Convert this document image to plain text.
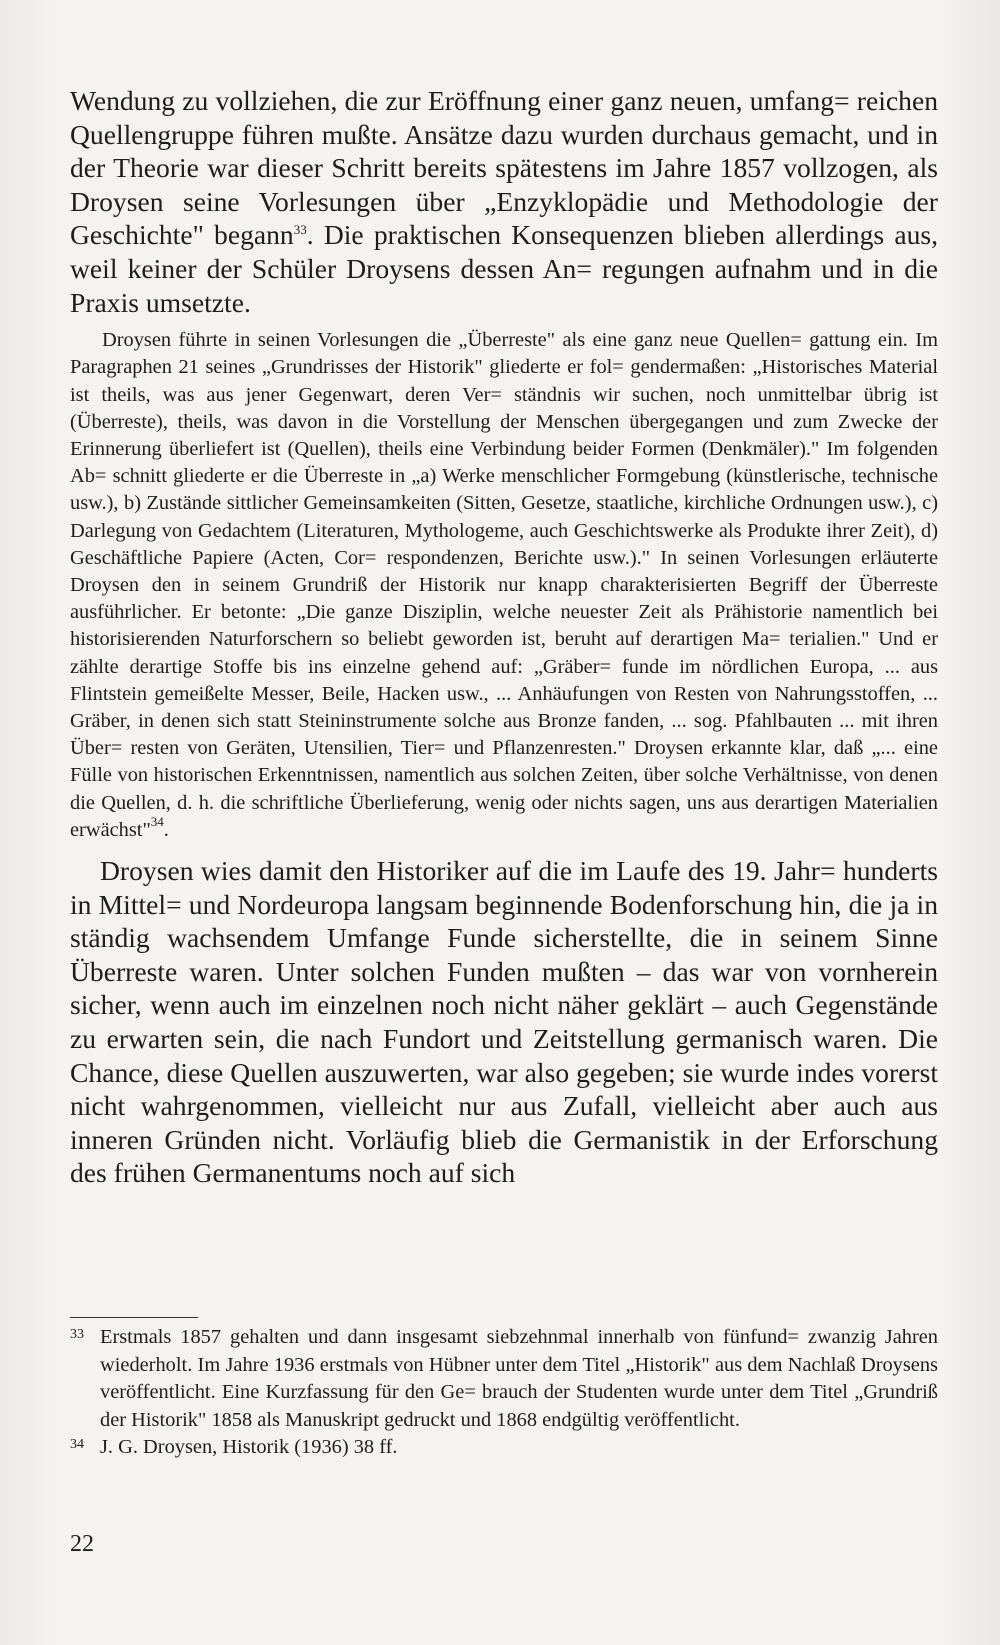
Wendung zu vollziehen, die zur Eröffnung einer ganz neuen, umfang= reichen Quellengruppe führen mußte. Ansätze dazu wurden durchaus gemacht, und in der Theorie war dieser Schritt bereits spätestens im Jahre 1857 vollzogen, als Droysen seine Vorlesungen über „Enzyklopädie und Methodologie der Geschichte" begann$^{33}$. Die praktischen Konsequenzen blieben allerdings aus, weil keiner der Schüler Droysens dessen An= regungen aufnahm und in die Praxis umsetzte.

Droysen führte in seinen Vorlesungen die „Überreste" als eine ganz neue Quellen= gattung ein. Im Paragraphen 21 seines „Grundrisses der Historik" gliederte er fol= gendermaßen: „Historisches Material ist theils, was aus jener Gegenwart, deren Ver= ständnis wir suchen, noch unmittelbar übrig ist (Überreste), theils, was davon in die Vorstellung der Menschen übergegangen und zum Zwecke der Erinnerung überliefert ist (Quellen), theils eine Verbindung beider Formen (Denkmäler)." Im folgenden Ab= schnitt gliederte er die Überreste in „a) Werke menschlicher Formgebung (künstlerische, technische usw.), b) Zustände sittlicher Gemeinsamkeiten (Sitten, Gesetze, staatliche, kirchliche Ordnungen usw.), c) Darlegung von Gedachtem (Literaturen, Mythologeme, auch Geschichtswerke als Produkte ihrer Zeit), d) Geschäftliche Papiere (Acten, Cor= respondenzen, Berichte usw.)." In seinen Vorlesungen erläuterte Droysen den in seinem Grundriß der Historik nur knapp charakterisierten Begriff der Überreste ausführlicher. Er betonte: „Die ganze Disziplin, welche neuester Zeit als Prähistorie namentlich bei historisierenden Naturforschern so beliebt geworden ist, beruht auf derartigen Ma= terialien." Und er zählte derartige Stoffe bis ins einzelne gehend auf: „Gräber= funde im nördlichen Europa, ... aus Flintstein gemeißelte Messer, Beile, Hacken usw., ... Anhäufungen von Resten von Nahrungsstoffen, ... Gräber, in denen sich statt Steininstrumente solche aus Bronze fanden, ... sog. Pfahlbauten ... mit ihren Über= resten von Geräten, Utensilien, Tier= und Pflanzenresten." Droysen erkannte klar, daß „... eine Fülle von historischen Erkenntnissen, namentlich aus solchen Zeiten, über solche Verhältnisse, von denen die Quellen, d. h. die schriftliche Überlieferung, wenig oder nichts sagen, uns aus derartigen Materialien erwächst"$^{34}$.

Droysen wies damit den Historiker auf die im Laufe des 19. Jahr= hunderts in Mittel= und Nordeuropa langsam beginnende Bodenforschung hin, die ja in ständig wachsendem Umfange Funde sicherstellte, die in seinem Sinne Überreste waren. Unter solchen Funden mußten – das war von vornherein sicher, wenn auch im einzelnen noch nicht näher geklärt – auch Gegenstände zu erwarten sein, die nach Fundort und Zeitstellung germanisch waren. Die Chance, diese Quellen auszuwerten, war also gegeben; sie wurde indes vorerst nicht wahrgenommen, vielleicht nur aus Zufall, vielleicht aber auch aus inneren Gründen nicht. Vorläufig blieb die Germanistik in der Erforschung des frühen Germanentums noch auf sich

33 Erstmals 1857 gehalten und dann insgesamt siebzehnmal innerhalb von fünfund= zwanzig Jahren wiederholt. Im Jahre 1936 erstmals von Hübner unter dem Titel „Historik" aus dem Nachlaß Droysens veröffentlicht. Eine Kurzfassung für den Ge= brauch der Studenten wurde unter dem Titel „Grundriß der Historik" 1858 als Manuskript gedruckt und 1868 endgültig veröffentlicht.
34 J. G. Droysen, Historik (1936) 38 ff.
22
